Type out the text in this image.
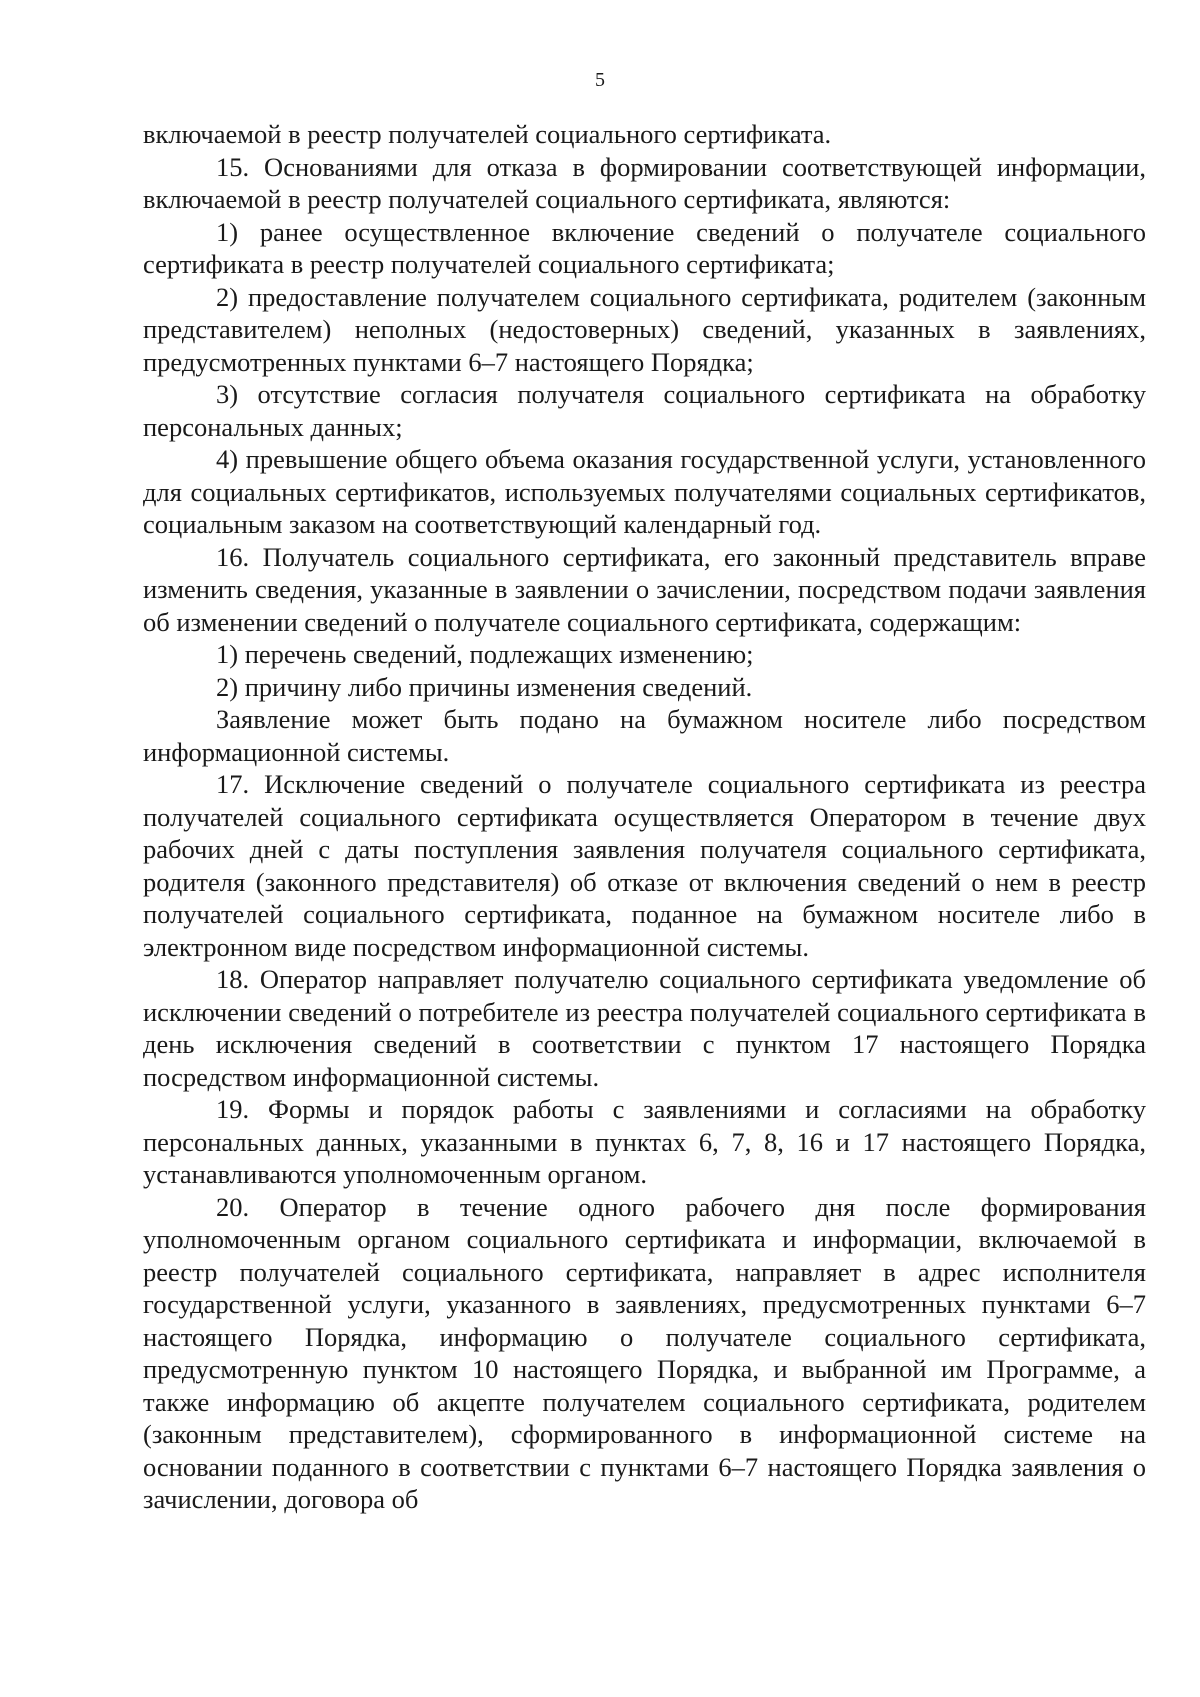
5

включаемой в реестр получателей социального сертификата.

15. Основаниями для отказа в формировании соответствующей информации, включаемой в реестр получателей социального сертификата, являются:

1) ранее осуществленное включение сведений о получателе социального сертификата в реестр получателей социального сертификата;

2) предоставление получателем социального сертификата, родителем (законным представителем) неполных (недостоверных) сведений, указанных в заявлениях, предусмотренных пунктами 6–7 настоящего Порядка;

3) отсутствие согласия получателя социального сертификата на обработку персональных данных;

4) превышение общего объема оказания государственной услуги, установленного для социальных сертификатов, используемых получателями социальных сертификатов, социальным заказом на соответствующий календарный год.

16. Получатель социального сертификата, его законный представитель вправе изменить сведения, указанные в заявлении о зачислении, посредством подачи заявления об изменении сведений о получателе социального сертификата, содержащим:

1) перечень сведений, подлежащих изменению;

2) причину либо причины изменения сведений.

Заявление может быть подано на бумажном носителе либо посредством информационной системы.

17. Исключение сведений о получателе социального сертификата из реестра получателей социального сертификата осуществляется Оператором в течение двух рабочих дней с даты поступления заявления получателя социального сертификата, родителя (законного представителя) об отказе от включения сведений о нем в реестр получателей социального сертификата, поданное на бумажном носителе либо в электронном виде посредством информационной системы.

18. Оператор направляет получателю социального сертификата уведомление об исключении сведений о потребителе из реестра получателей социального сертификата в день исключения сведений в соответствии с пунктом 17 настоящего Порядка посредством информационной системы.

19. Формы и порядок работы с заявлениями и согласиями на обработку персональных данных, указанными в пунктах 6, 7, 8, 16 и 17 настоящего Порядка, устанавливаются уполномоченным органом.

20. Оператор в течение одного рабочего дня после формирования уполномоченным органом социального сертификата и информации, включаемой в реестр получателей социального сертификата, направляет в адрес исполнителя государственной услуги, указанного в заявлениях, предусмотренных пунктами 6–7 настоящего Порядка, информацию о получателе социального сертификата, предусмотренную пунктом 10 настоящего Порядка, и выбранной им Программе, а также информацию об акцепте получателем социального сертификата, родителем (законным представителем), сформированного в информационной системе на основании поданного в соответствии с пунктами 6–7 настоящего Порядка заявления о зачислении, договора об
